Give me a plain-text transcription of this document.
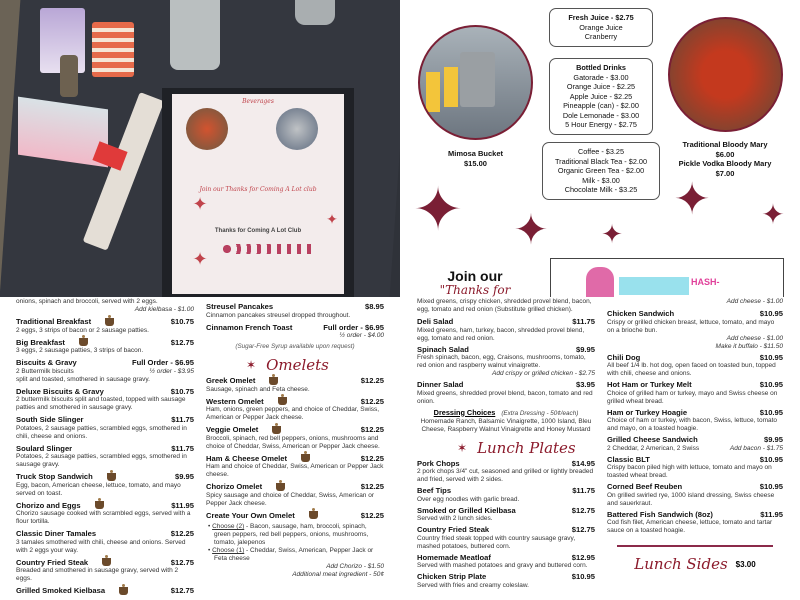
Beverages
Join our Thanks for Coming A Lot club
Thanks for Coming A Lot Club
✦
✦
✦
Mimosa Bucket
$15.00
Traditional Bloody Mary
$6.00
Pickle Vodka Bloody Mary
$7.00
Fresh Juice - $2.75
Orange Juice
Cranberry
Bottled Drinks
Gatorade - $3.00
Orange Juice - $2.25
Apple Juice - $2.25
Pineapple (can) - $2.00
Dole Lemonade - $3.00
5 Hour Energy - $2.75
Coffee - $3.25
Traditional Black Tea - $2.00
Organic Green Tea - $2.00
Milk - $3.00
Chocolate Milk - $3.25
✦ ✦ ✦
✦ ✦
Join our
"Thanks for
HASH-
onions, spinach and broccoli, served with 2 eggs.
Add kielbasa - $1.00
Traditional Breakfast	$10.75
2 eggs, 3 strips of bacon or 2 sausage patties.
Big Breakfast	$12.75
3 eggs, 2 sausage patties, 3 strips of bacon.
Biscuits & Gravy	Full Order - $6.95
2 Buttermilk biscuits	½ order - $3.95
split and toasted, smothered in sausage gravy.
Deluxe Biscuits & Gravy	$10.75
2 buttermilk biscuits split and toasted, topped with sausage patties and smothered in sausage gravy.
South Side Slinger	$11.75
Potatoes, 2 sausage patties, scrambled eggs, smothered in chili, cheese and onions.
Soulard Slinger	$11.75
Potatoes, 2 sausage patties, scrambled eggs, smothered in sausage gravy.
Truck Stop Sandwich	$9.95
Egg, bacon, American cheese, lettuce, tomato, and mayo served on toast.
Chorizo and Eggs	$11.95
Chorizo sausage cooked with scrambled eggs, served with a flour tortilla.
Classic Diner Tamales	$12.25
3 tamales smothered with chili, cheese and onions. Served with 2 eggs your way.
Country Fried Steak	$12.75
Breaded and smothered in sausage gravy, served with 2 eggs.
Grilled Smoked Kielbasa	$12.75
Streusel Pancakes	$8.95
Cinnamon pancakes streusel dropped throughout.
Cinnamon French Toast	Full order - $6.95
½ order - $4.00
(Sugar-Free Syrup available upon request)
✶ Omelets
Greek Omelet	$12.25
Sausage, spinach and Feta cheese.
Western Omelet	$12.25
Ham, onions, green peppers, and choice of Cheddar, Swiss, American or Pepper Jack cheese.
Veggie Omelet	$12.25
Broccoli, spinach, red bell peppers, onions, mushrooms and choice of Cheddar, Swiss, American or Pepper Jack cheese.
Ham & Cheese Omelet	$12.25
Ham and choice of Cheddar, Swiss, American or Pepper Jack cheese.
Chorizo Omelet	$12.25
Spicy sausage and choice of Cheddar, Swiss, American or Pepper Jack cheese.
Create Your Own Omelet	$12.25
• Choose (2) - Bacon, sausage, ham, broccoli, spinach, green peppers, red bell peppers, onions, mushrooms, tomato, jalepenos
• Choose (1) - Cheddar, Swiss, American, Pepper Jack or Feta cheese
Add Chorizo - $1.50
Additional meat ingredient - 50¢
Mixed greens, crispy chicken, shredded provel blend, bacon, egg, tomato and red onion (Substitute grilled chicken).
Deli Salad	$11.75
Mixed greens, ham, turkey, bacon, shredded provel blend, egg, tomato and red onion.
Spinach Salad	$9.95
Fresh spinach, bacon, egg, Craisons, mushrooms, tomato, red onion and raspberry walnut vinaigrette.
Add crispy or grilled chicken - $2.75
Dinner Salad	$3.95
Mixed greens, shredded provel blend, bacon, tomato and red onion.
Dressing Choices (Extra Dressing - 50¢/each)
Homemade Ranch, Balsamic Vinaigrette, 1000 Island, Bleu Cheese, Raspberry Walnut Vinaigrette and Honey Mustard
✶ Lunch Plates
Pork Chops	$14.95
2 pork chops 3/4" cut, seasoned and grilled or lightly breaded and fried, served with 2 sides.
Beef Tips	$11.75
Over egg noodles with garlic bread.
Smoked or Grilled Kielbasa	$12.75
Served with 2 lunch sides.
Country Fried Steak	$12.75
Country fried steak topped with country sausage gravy, mashed potatoes, buttered corn.
Homemade Meatloaf	$12.95
Served with mashed potatoes and gravy and buttered corn.
Chicken Strip Plate	$10.95
Served with fries and creamy coleslaw.
Add cheese - $1.00
Chicken Sandwich	$10.95
Crispy or grilled chicken breast, lettuce, tomato, and mayo on a brioche bun.
Add cheese - $1.00
Make it buffalo - $11.50
Chili Dog	$10.95
All beef 1/4 lb. hot dog, open faced on toasted bun, topped with chili, cheese and onions.
Hot Ham or Turkey Melt	$10.95
Choice of grilled ham or turkey, mayo and Swiss cheese on grilled wheat bread.
Ham or Turkey Hoagie	$10.95
Choice of ham or turkey, with bacon, Swiss, lettuce, tomato and mayo, on a toasted hoagie.
Grilled Cheese Sandwich	$9.95
2 Cheddar, 2 American, 2 Swiss	Add bacon - $1.75
Classic BLT	$10.95
Crispy bacon piled high with lettuce, tomato and mayo on toasted wheat bread.
Corned Beef Reuben	$10.95
On grilled swirled rye, 1000 island dressing, Swiss cheese and sauerkraut.
Battered Fish Sandwich (8oz)	$11.95
Cod fish filet, American cheese, lettuce, tomato and tartar sauce on a toasted hoagie.
Lunch Sides $3.00
